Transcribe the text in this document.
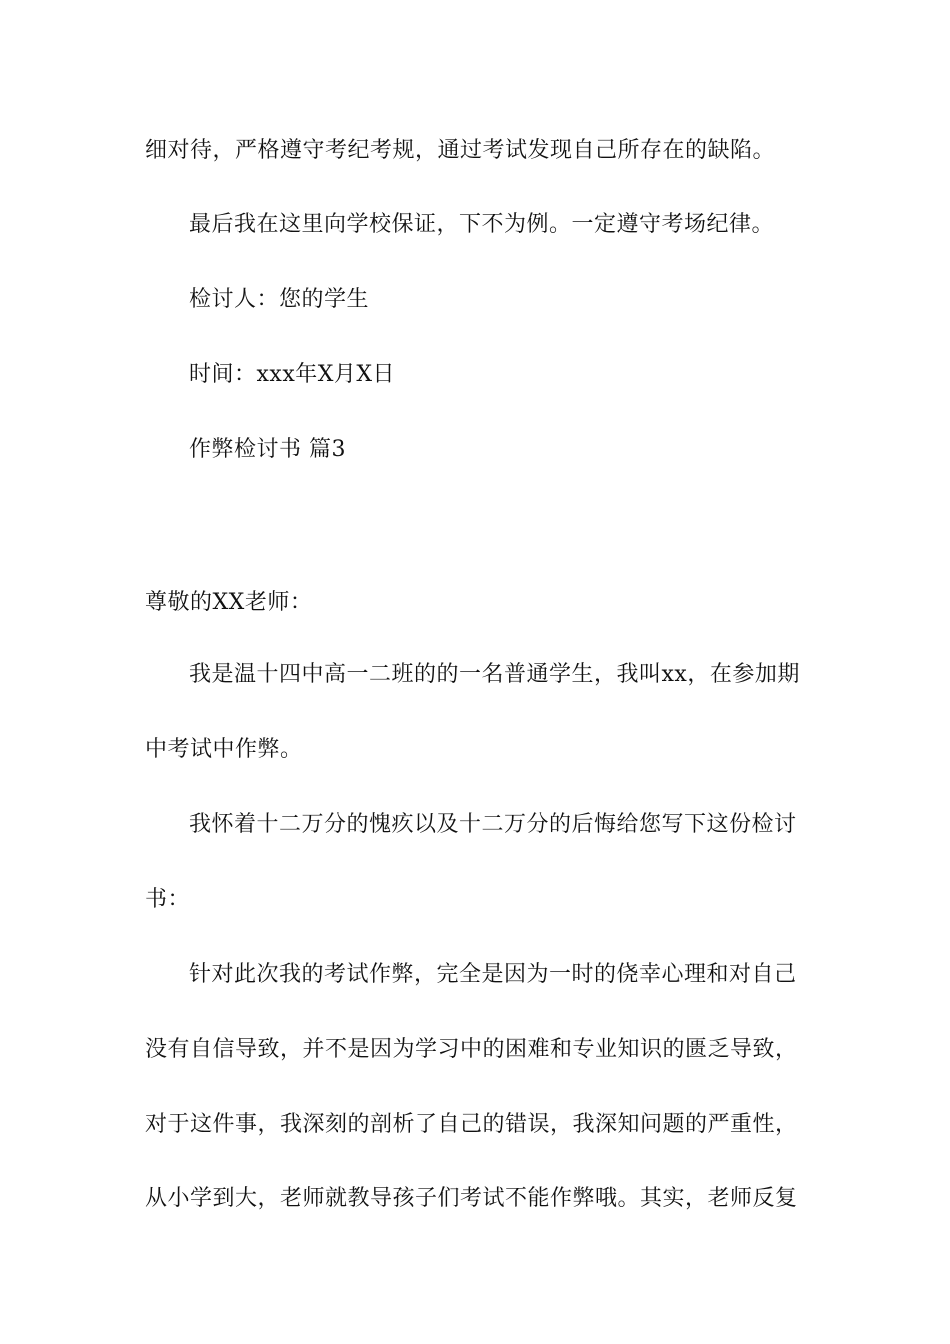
细对待，严格遵守考纪考规，通过考试发现自己所存在的缺陷。
最后我在这里向学校保证，下不为例。一定遵守考场纪律。
检讨人：您的学生
时间：xxx年X月X日
作弊检讨书 篇3
尊敬的XX老师：
我是温十四中高一二班的的一名普通学生，我叫xx，在参加期
中考试中作弊。
我怀着十二万分的愧疚以及十二万分的后悔给您写下这份检讨
书：
针对此次我的考试作弊，完全是因为一时的侥幸心理和对自己
没有自信导致，并不是因为学习中的困难和专业知识的匮乏导致，
对于这件事，我深刻的剖析了自己的错误，我深知问题的严重性，
从小学到大，老师就教导孩子们考试不能作弊哦。其实，老师反复
